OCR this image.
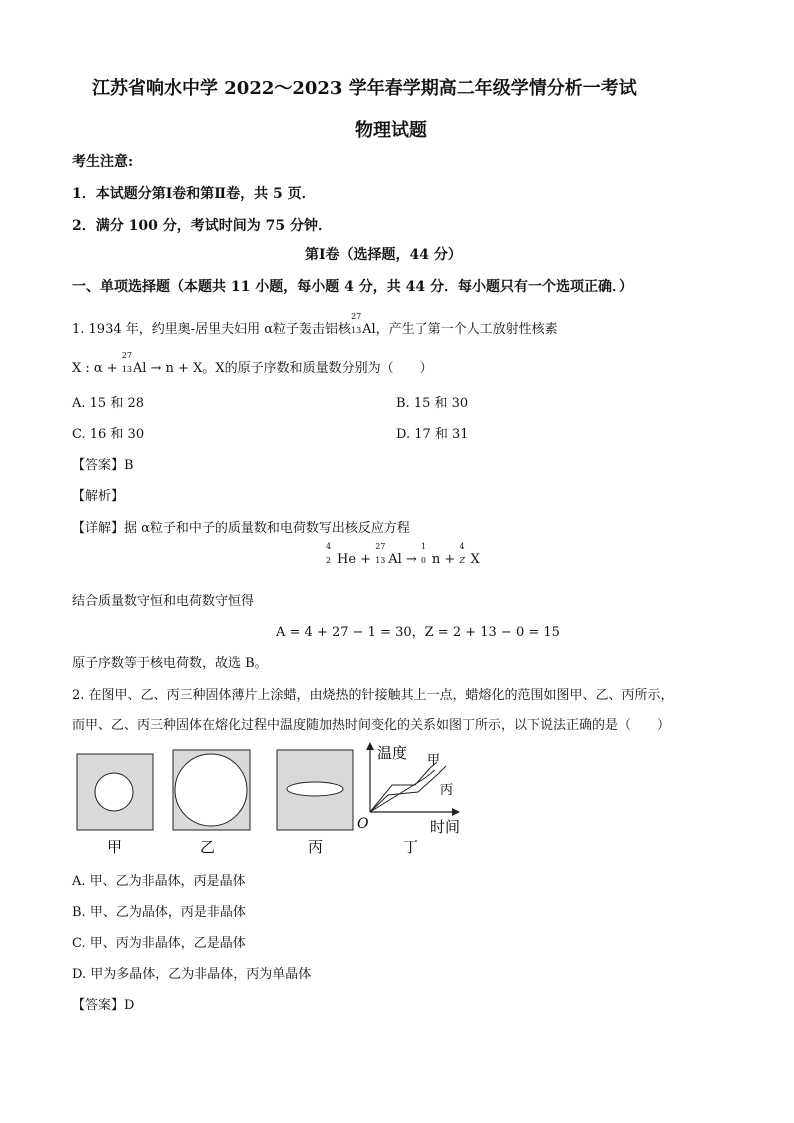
江苏省响水中学 2022～2023 学年春学期高二年级学情分析一考试
物理试题
考生注意:
1．本试题分第Ⅰ卷和第Ⅱ卷，共 5 页．
2．满分 100 分，考试时间为 75 分钟．
第Ⅰ卷（选择题，44 分）
一、单项选择题（本题共 11 小题，每小题 4 分，共 44 分．每小题只有一个选项正确．）
1. 1934 年，约里奥-居里夫妇用 α粒子轰击铝核
27
13 Al，产生了第一个人工放射性核素
X : α +
27
13 Al → n + X。X的原子序数和质量数分别为（　　）
A. 15 和 28	B. 15 和 30
C. 16 和 30	D. 17 和 31
【答案】B
【解析】
【详解】据 α粒子和中子的质量数和电荷数写出核反应方程
4
2 He +
27
13 Al →
1
0 n +
4
Z X
结合质量数守恒和电荷数守恒得
A = 4 + 27 − 1 = 30，Z = 2 + 13 − 0 = 15
原子序数等于核电荷数，故选 B。
2. 在图甲、乙、丙三种固体薄片上涂蜡，由烧热的针接触其上一点，蜡熔化的范围如图甲、乙、丙所示，
而甲、乙、丙三种固体在熔化过程中温度随加热时间变化的关系如图丁所示，以下说法正确的是（　　）
温度 甲
丙
O	时间
甲	乙	丙	丁
A. 甲、乙为非晶体，丙是晶体
B. 甲、乙为晶体，丙是非晶体
C. 甲、丙为非晶体，乙是晶体
D. 甲为多晶体，乙为非晶体，丙为单晶体
【答案】D
